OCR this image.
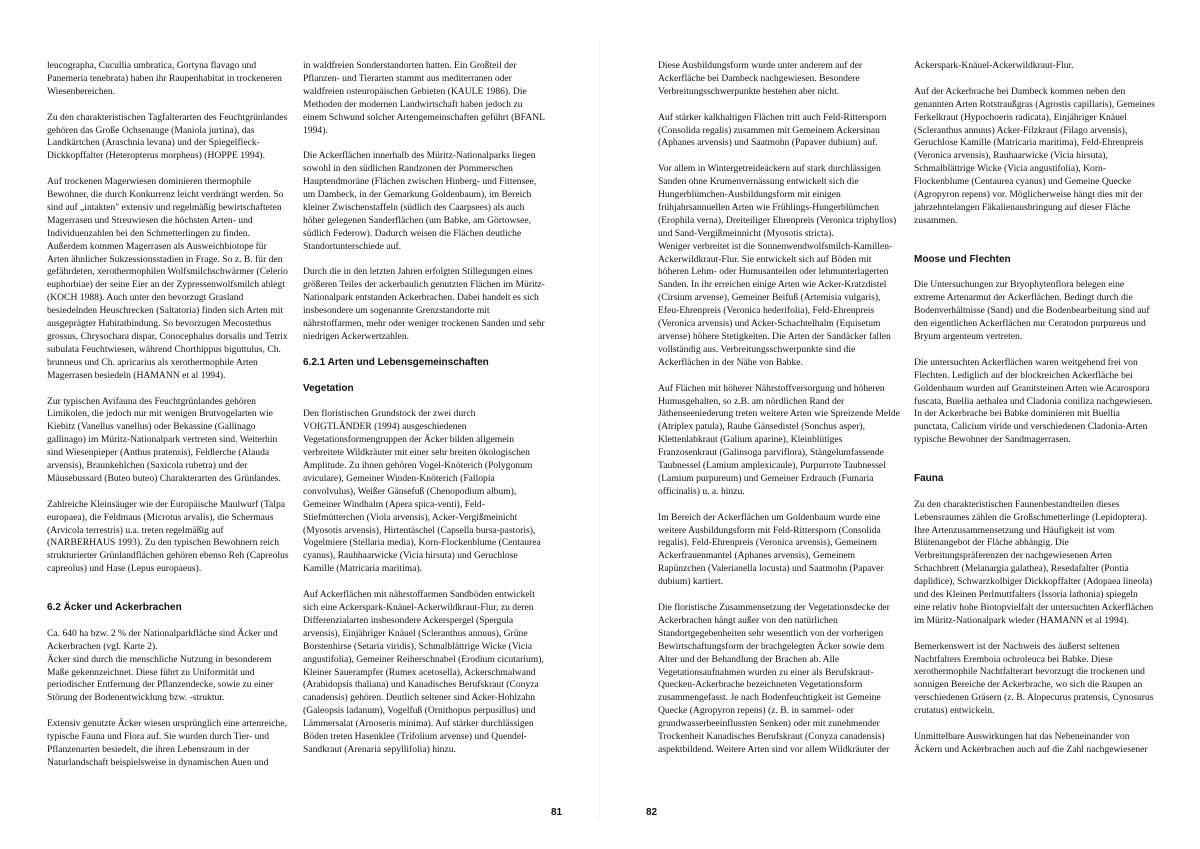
leucographa, Cucullia umbratica, Gortyna flavago und Panemeria tenebrata) haben ihr Raupenhabitat in trockeneren Wiesenbereichen.

Zu den charakteristischen Tagfalterarten des Feuchtgrünlandes gehören das Große Ochsenauge (Maniola jurtina), das Landkärtchen (Araschnia levana) und der Spiegelfleck-Dickkopffalter (Heteropterus morpheus) (HOPPE 1994).

Auf trockenen Magerwiesen dominieren thermophile Bewohner, die durch Konkurrenz leicht verdrängt werden. So sind auf „intakten" extensiv und regelmäßig bewirtschafteten Magerrasen und Streuwiesen die höchsten Arten- und Individuenzahlen bei den Schmetterlingen zu finden. Außerdem kommen Magerrasen als Ausweichbiotope für Arten ähnlicher Sukzessionsstadien in Frage. So z. B. für den gefährdeten, xerothermophilen Wolfsmilchschwärmer (Celerio euphorbiae) der seine Eier an der Zypressenwolfsmilch ablegt (KOCH 1988). Auch unter den bevorzugt Grasland besiedelnden Heuschrecken (Saltatoria) finden sich Arten mit ausgeprägter Habitatbindung. So bevorzugen Mecostethus grossus, Chrysochara dispar, Conocephalus dorsalis und Tetrix subulata Feuchtwiesen, während Chorthippus biguttulus, Ch. brunneus und Ch. apricarius als xerothermophile Arten Magerrasen besiedeln (HAMANN et al 1994).

Zur typischen Avifauna des Feuchtgrünlandes gehören Limikolen, die jedoch nur mit wenigen Brutvogelarten wie Kiebitz (Vanellus vanellus) oder Bekassine (Gallinago gallinago) im Müritz-Nationalpark vertreten sind. Weiterhin sind Wiesenpieper (Anthus pratensis), Feldlerche (Alauda arvensis), Braunkehlchen (Saxicola rubetra) und der Mäusebussard (Buteo buteo) Charakterarten des Grünlandes.

Zahlreiche Kleinsäuger wie der Europäische Maulwurf (Talpa europaea), die Feldmaus (Microtus arvalis), die Schermaus (Arvicola terrestris) u.a. treten regelmäßig auf (NARBERHAUS 1993). Zu den typischen Bewohnern reich strukturierter Grünlandflächen gehören ebenso Reh (Capreolus capreolus) und Hase (Lepus europaeus).

6.2 Äcker und Ackerbrachen

Ca. 640 ha bzw. 2 % der Nationalparkfläche sind Äcker und Ackerbrachen (vgl. Karte 2).

Äcker sind durch die menschliche Nutzung in besonderem Maße gekennzeichnet. Diese führt zu Uniformität und periodischer Entfernung der Pflanzendecke, sowie zu einer Störung der Bodenentwicklung bzw. -struktur.

Extensiv genutzte Äcker wiesen ursprünglich eine artenreiche, typische Fauna und Flora auf. Sie wurden durch Tier- und Pflanzenarten besiedelt, die ihren Lebensraum in der Naturlandschaft beispielsweise in dynamischen Auen und

in waldfreien Sonderstandorten hatten. Ein Großteil der Pflanzen- und Tierarten stammt aus mediterranen oder waldfreien osteuropäischen Gebieten (KAULE 1986). Die Methoden der modernen Landwirtschaft haben jedoch zu einem Schwund solcher Artengemeinschaften geführt (BFANL 1994).

Die Ackerflächen innerhalb des Müritz-Nationalparks liegen sowohl in den südlichen Randzonen der Pommerschen Hauptendmoräne (Flächen zwischen Hinberg- und Fittensee, um Dambeck, in der Gemarkung Goldenbaum), im Bereich kleiner Zwischenstaffeln (südlich des Caarpsees) als auch höher gelegenen Sanderflächen (um Babke, am Görtowsee, südlich Federow). Dadurch weisen die Flächen deutliche Standortunterschiede auf.

Durch die in den letzten Jahren erfolgten Stillegungen eines größeren Teiles der ackerbaulich genutzten Flächen im Müritz-Nationalpark entstanden Ackerbrachen. Dabei handelt es sich insbesondere um sogenannte Grenzstandorte mit nährstoffarmen, mehr oder weniger trockenen Sanden und sehr niedrigen Ackerwertzahlen.

6.2.1 Arten und Lebensgemeinschaften
Vegetation

Den floristischen Grundstock der zwei durch VOIGTLÄNDER (1994) ausgeschiedenen Vegetationsformengruppen der Äcker bilden allgemein verbreitete Wildkräuter mit einer sehr breiten ökologischen Amplitude. Zu ihnen gehören Vogel-Knöterich (Polygonum aviculare), Gemeiner Winden-Knöterich (Fallopia convolvulus), Weißer Gänsefuß (Chenopodium album), Gemeiner Windhalm (Apera spica-venti), Feld-Stiefmütterchen (Viola arvensis), Acker-Vergißmeinicht (Myosotis arvensis), Hirtentäschel (Capsella bursa-pastoris), Vogelmiere (Stellaria media), Korn-Flockenblume (Centaurea cyanus), Rauhhaarwicke (Vicia hirsuta) und Geruchlose Kamille (Matricaria maritima).

Auf Ackerflächen mit nährstoffarmen Sandböden entwickelt sich eine Ackerspark-Knäuel-Ackerwildkraut-Flur, zu deren Differenzialarten insbesondere Ackerspergel (Spergula arvensis), Einjähriger Knäuel (Scleranthus annuus), Grüne Borstenhirse (Setaria viridis), Schmalblättrige Wicke (Vicia angustifolia), Gemeiner Reiherschnabel (Erodium cicutarium), Kleiner Sauerampfer (Rumex acetosella), Ackerschmalwand (Arabidopsis thaliana) und Kanadisches Berufskraut (Conyza canadensis) gehören. Deutlich seltener sind Acker-Hohlzahn (Galeopsis ladanum), Vogelfuß (Ornithopus perpusillus) und Lämmersalat (Arnoseris minima). Auf stärker durchlässigen Böden treten Hasenklee (Trifolium arvense) und Quendel-Sandkraut (Arenaria sepyllifolia) hinzu.

Diese Ausbildungsform wurde unter anderem auf der Ackerfläche bei Dambeck nachgewiesen. Besondere Verbreitungsschwerpunkte bestehen aber nicht.

Auf stärker kalkhaltigen Flächen tritt auch Feld-Rittersporn (Consolida regalis) zusammen mit Gemeinem Ackersinau (Aphanes arvensis) und Saatmohn (Papaver dubium) auf.

Vor allem in Wintergetreideäckern auf stark durchlässigen Sanden ohne Krumenvernässung entwickelt sich die Hungerblümchen-Ausbildungsform mit einigen frühjahrsannuellen Arten wie Frühlings-Hungerblümchen (Erophila verna), Dreiteiliger Ehrenpreis (Veronica triphyllos) und Sand-Vergißmeinnicht (Myosotis stricta).

Weniger verbreitet ist die Sonnenwendwolfsmilch-Kamillen-Ackerwildkraut-Flur. Sie entwickelt sich auf Böden mit höheren Lehm- oder Humusanteilen oder lehmunterlagerten Sanden. In ihr erreichen einige Arten wie Acker-Kratzdistel (Cirsium arvense), Gemeiner Beifuß (Artemisia vulgaris), Efeu-Ehrenpreis (Veronica hederifolia), Feld-Ehrenpreis (Veronica arvensis) und Acker-Schachtelhalm (Equisetum arvense) höhere Stetigkeiten. Die Arten der Sandäcker fallen vollständig aus. Verbreitungsschwerpunkte sind die Ackerflächen in der Nähe von Babke.

Auf Flächen mit höherer Nährstoffversorgung und höheren Humusgehalten, so z.B. am nördlichen Rand der Jäthenseeniederung treten weitere Arten wie Spreizende Melde (Atriplex patula), Rauhe Gänsedistel (Sonchus asper), Klettenlabkraut (Galium aparine), Kleinblütiges Franzosenkraut (Galinsoga parviflora), Stängelumfassende Taubnessel (Lamium amplexicaule), Purpurrote Taubnessel (Lamium purpureum) und Gemeiner Erdrauch (Fumaria officinalis) u. a. hinzu.

Im Bereich der Ackerflächen um Goldenbaum wurde eine weitere Ausbildungsform mit Feld-Rittersporn (Consolida regalis), Feld-Ehrenpreis (Veronica arvensis), Gemeinem Ackerfrauenmantel (Aphanes arvensis), Gemeinem Rapünzchen (Valerianella locusta) und Saatmohn (Papaver dubium) kartiert.

Die floristische Zusammensetzung der Vegetationsdecke der Ackerbrachen hängt außer von den natürlichen Standortgegebenheiten sehr wesentlich von der vorherigen Bewirtschaftungsform der brachgelegten Äcker sowie dem Alter und der Behandlung der Brachen ab. Alle Vegetationsaufnahmen wurden zu einer als Berufskraut-Quecken-Ackerbrache bezeichneten Vegetationsform zusammengefasst. Je nach Bodenfeuchtigkeit ist Gemeine Quecke (Agropyron repens) (z. B. in sammel- oder grundwasserbeeinflussten Senken) oder mit zunehmender Trockenheit Kanadisches Berufskraut (Conyza canadensis) aspektbildend. Weitere Arten sind vor allem Wildkräuter der

Ackerspark-Knäuel-Ackerwildkraut-Flur.

Auf der Ackerbrache bei Dambeck kommen neben den genannten Arten Rotstraußgras (Agrostis capillaris), Gemeines Ferkelkraut (Hypochoeris radicata), Einjähriger Knäuel (Scleranthus annuus) Acker-Filzkraut (Filago arvensis), Geruchlose Kamille (Matricaria maritima), Feld-Ehrenpreis (Veronica arvensis), Rauhaarwicke (Vicia hirsuta), Schmalblättrige Wicke (Vicia angustifolia), Korn-Flockenblume (Centaurea cyanus) und Gemeine Quecke (Agropyron repens) vor. Möglicherweise hängt dies mit der jahrzehntelangen Fäkalienausbringung auf dieser Fläche zusammen.

Moose und Flechten

Die Untersuchungen zur Bryophytenflora belegen eine extreme Artenarmut der Ackerflächen. Bedingt durch die Bodenverhältnisse (Sand) und die Bodenbearbeitung sind auf den eigentlichen Ackerflächen nur Ceratodon purpureus und Bryum argenteum vertreten.

Die untersuchten Ackerflächen waren weitgehend frei von Flechten. Lediglich auf der blockreichen Ackerfläche bei Goldenbaum wurden auf Granitsteinen Arten wie Acarospora fuscata, Buellia aethalea und Cladonia coniliza nachgewiesen. In der Ackerbrache bei Babke dominieren mit Buellia punctata, Calicium viride und verschiedenen Cladonia-Arten typische Bewohner der Sandmagerrasen.

Fauna

Zu den charakteristischen Faunenbestandteilen dieses Lebensraumes zählen die Großschmetterlinge (Lepidoptera). Ihre Artenzusammensetzung und Häufigkeit ist vom Blütenangebot der Fläche abhängig. Die Verbreitungspräferenzen der nachgewiesenen Arten Schachbrett (Melanargia galathea), Resedafalter (Pontia daplidice), Schwarzkolbiger Dickkopffalter (Adopaea lineola) und des Kleinen Perlmuttfalters (Issoria lathonia) spiegeln eine relativ hohe Biotopvielfalt der untersuchten Ackerflächen im Müritz-Nationalpark wieder (HAMANN et al 1994).

Bemerkenswert ist der Nachweis des äußerst seltenen Nachtfalters Eremboia ochroleuca bei Babke. Diese xerothermophile Nachtfalterart bevorzugt die trockenen und sonnigen Bereiche der Ackerbrache, wo sich die Raupen an verschiedenen Gräsern (z. B. Alopecurus pratensis, Cynosurus crutatus) entwickeln.

Unmittelbare Auswirkungen hat das Nebeneinander von Äckern und Ackerbrachen auch auf die Zahl nachgewiesener

81	82
